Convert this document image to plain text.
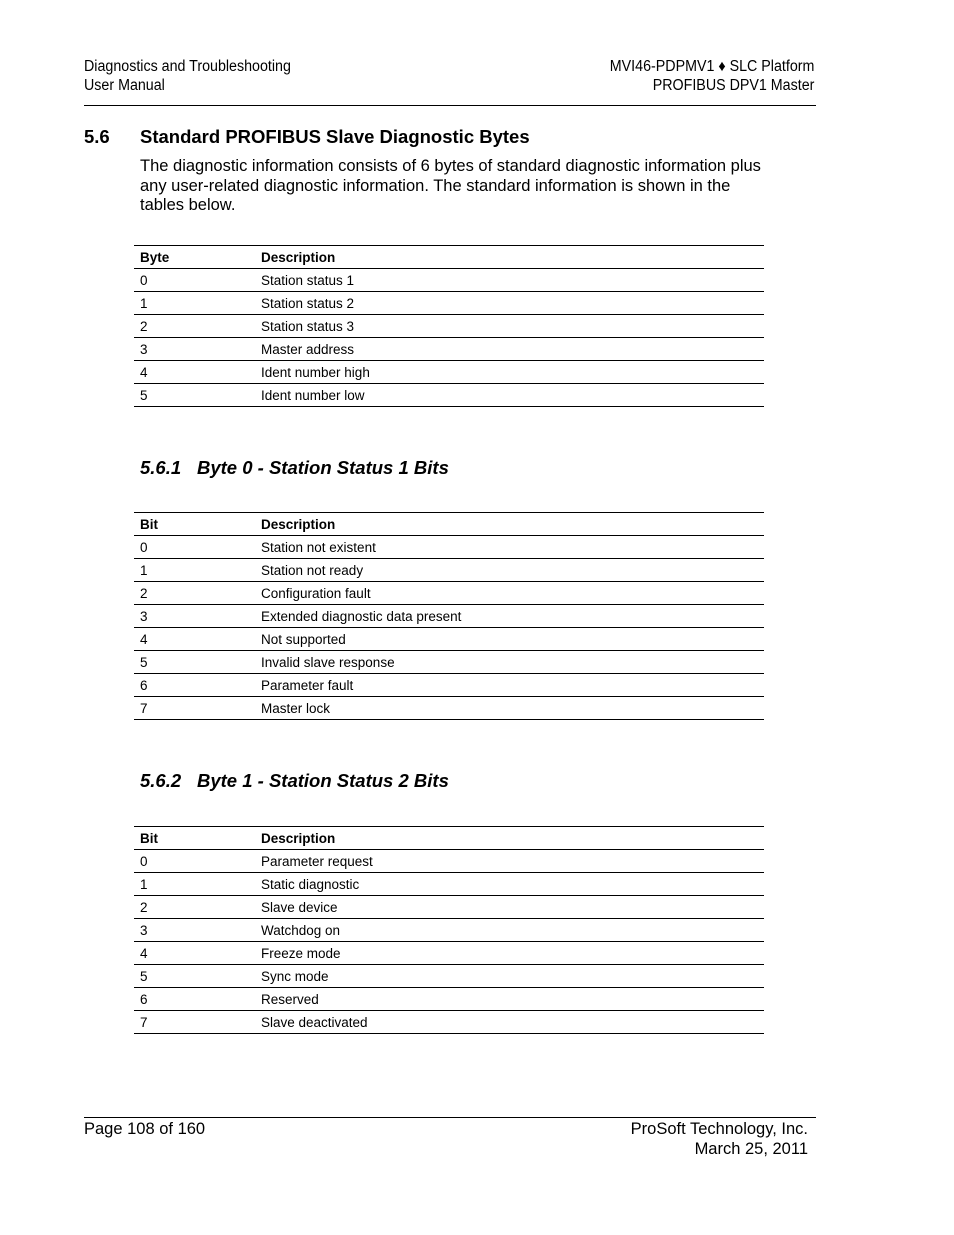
Diagnostics and Troubleshooting
User Manual
MVI46-PDPMV1 ♦ SLC Platform
PROFIBUS DPV1 Master
5.6 Standard PROFIBUS Slave Diagnostic Bytes
The diagnostic information consists of 6 bytes of standard diagnostic information plus any user-related diagnostic information. The standard information is shown in the tables below.
Byte	Description
0	Station status 1
1	Station status 2
2	Station status 3
3	Master address
4	Ident number high
5	Ident number low
5.6.1 Byte 0 - Station Status 1 Bits
Bit	Description
0	Station not existent
1	Station not ready
2	Configuration fault
3	Extended diagnostic data present
4	Not supported
5	Invalid slave response
6	Parameter fault
7	Master lock
5.6.2 Byte 1 - Station Status 2 Bits
Bit	Description
0	Parameter request
1	Static diagnostic
2	Slave device
3	Watchdog on
4	Freeze mode
5	Sync mode
6	Reserved
7	Slave deactivated
Page 108 of 160	ProSoft Technology, Inc.
March 25, 2011
